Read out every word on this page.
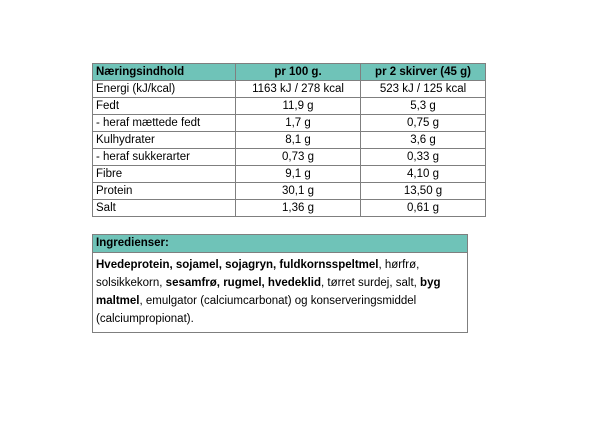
Næringsindhold	pr 100 g.	pr 2 skirver (45 g)
Energi (kJ/kcal)	1163 kJ / 278 kcal	523 kJ / 125 kcal
Fedt	11,9 g	5,3 g
- heraf mættede fedt	1,7 g	0,75 g
Kulhydrater	8,1 g	3,6 g
- heraf sukkerarter	0,73 g	0,33 g
Fibre	9,1 g	4,10 g
Protein	30,1 g	13,50 g
Salt	1,36 g	0,61 g
Ingredienser:
Hvedeprotein, sojamel, sojagryn, fuldkornsspeltmel, hørfrø, solsikkekorn, sesamfrø, rugmel, hvedeklid, tørret surdej, salt, byg maltmel, emulgator (calciumcarbonat) og konserveringsmiddel (calciumpropionat).
